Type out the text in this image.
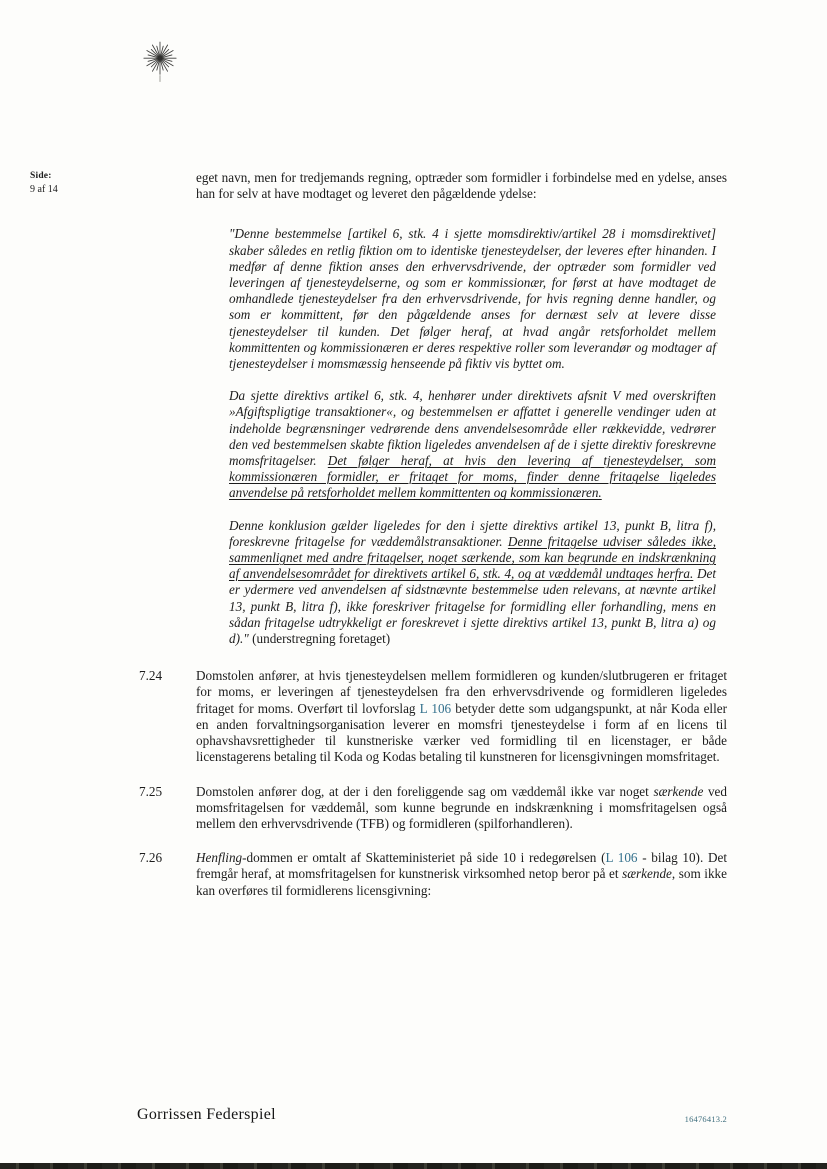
Side:
9 af 14

eget navn, men for tredjemands regning, optræder som formidler i forbindelse med en ydelse, anses han for selv at have modtaget og leveret den pågældende ydelse:

"Denne bestemmelse [artikel 6, stk. 4 i sjette momsdirektiv/artikel 28 i momsdirektivet] skaber således en retlig fiktion om to identiske tjenesteydelser, der leveres efter hinanden. I medfør af denne fiktion anses den erhvervsdrivende, der optræder som formidler ved leveringen af tjenesteydelserne, og som er kommissionær, for først at have modtaget de omhandlede tjenesteydelser fra den erhvervsdrivende, for hvis regning denne handler, og som er kommittent, før den pågældende anses for dernæst selv at levere disse tjenesteydelser til kunden. Det følger heraf, at hvad angår retsforholdet mellem kommittenten og kommissionæren er deres respektive roller som leverandør og modtager af tjenesteydelser i momsmæssig henseende på fiktiv vis byttet om.

Da sjette direktivs artikel 6, stk. 4, henhører under direktivets afsnit V med overskriften »Afgiftspligtige transaktioner«, og bestemmelsen er affattet i generelle vendinger uden at indeholde begrænsninger vedrørende dens anvendelsesområde eller rækkevidde, vedrører den ved bestemmelsen skabte fiktion ligeledes anvendelsen af de i sjette direktiv foreskrevne momsfritagelser. Det følger heraf, at hvis den levering af tjenesteydelser, som kommissionæren formidler, er fritaget for moms, finder denne fritagelse ligeledes anvendelse på retsforholdet mellem kommittenten og kommissionæren.

Denne konklusion gælder ligeledes for den i sjette direktivs artikel 13, punkt B, litra f), foreskrevne fritagelse for væddemålstransaktioner. Denne fritagelse udviser således ikke, sammenlignet med andre fritagelser, noget særkende, som kan begrunde en indskrænkning af anvendelsesområdet for direktivets artikel 6, stk. 4, og at væddemål undtages herfra. Det er ydermere ved anvendelsen af sidstnævnte bestemmelse uden relevans, at nævnte artikel 13, punkt B, litra f), ikke foreskriver fritagelse for formidling eller forhandling, mens en sådan fritagelse udtrykkeligt er foreskrevet i sjette direktivs artikel 13, punkt B, litra a) og d)." (understregning foretaget)

7.24	Domstolen anfører, at hvis tjenesteydelsen mellem formidleren og kunden/slutbrugeren er fritaget for moms, er leveringen af tjenesteydelsen fra den erhvervsdrivende og formidleren ligeledes fritaget for moms. Overført til lovforslag L 106 betyder dette som udgangspunkt, at når Koda eller en anden forvaltningsorganisation leverer en momsfri tjenesteydelse i form af en licens til ophavshavsrettigheder til kunstneriske værker ved formidling til en licenstager, er både licenstagerens betaling til Koda og Kodas betaling til kunstneren for licensgivningen momsfritaget.
7.25	Domstolen anfører dog, at der i den foreliggende sag om væddemål ikke var noget særkende ved momsfritagelsen for væddemål, som kunne begrunde en indskrænkning i momsfritagelsen også mellem den erhvervsdrivende (TFB) og formidleren (spilforhandleren).
7.26	Henfling-dommen er omtalt af Skatteministeriet på side 10 i redegørelsen (L 106 - bilag 10). Det fremgår heraf, at momsfritagelsen for kunstnerisk virksomhed netop beror på et særkende, som ikke kan overføres til formidlerens licensgivning:
Gorrissen Federspiel	16476413.2
